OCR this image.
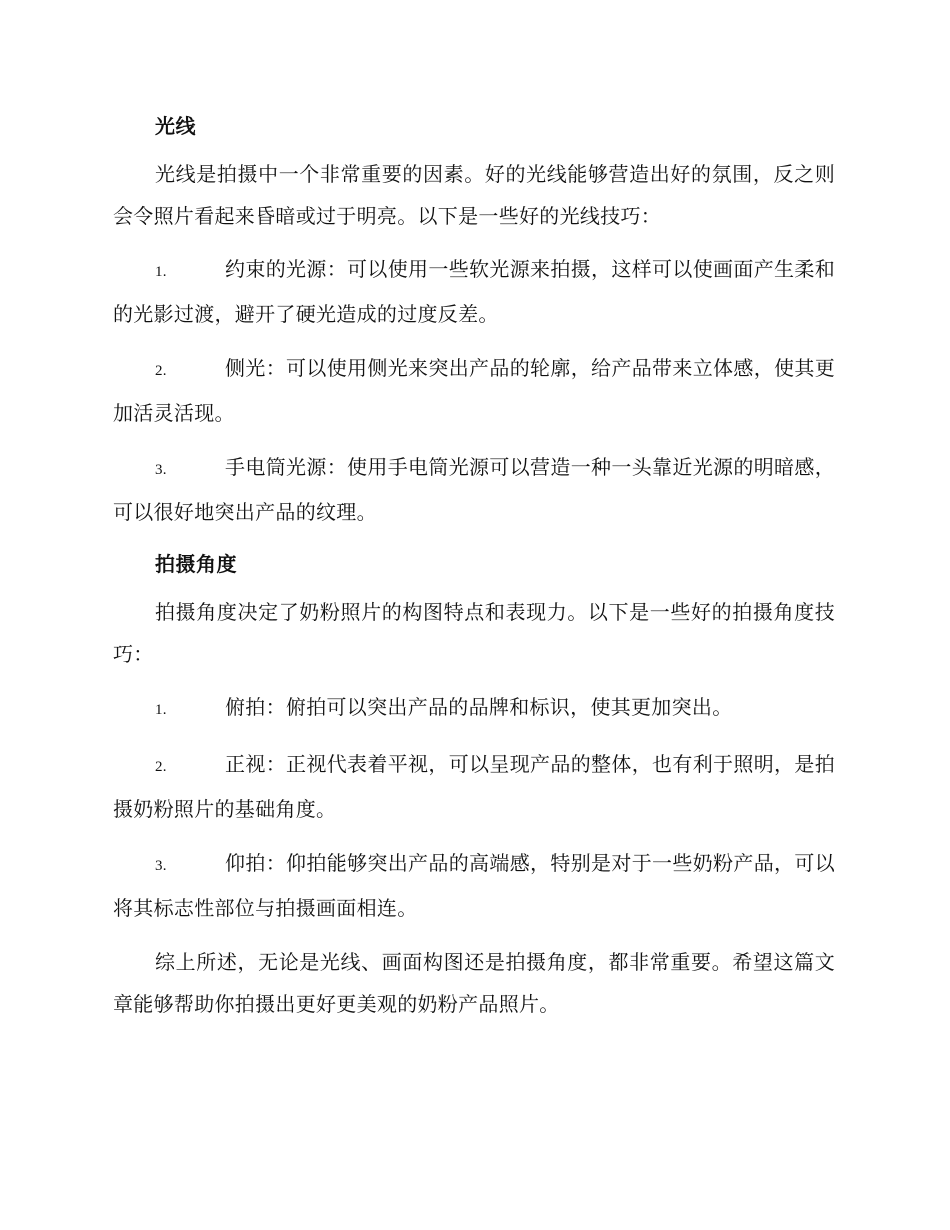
光线

光线是拍摄中一个非常重要的因素。好的光线能够营造出好的氛围，反之则会令照片看起来昏暗或过于明亮。以下是一些好的光线技巧：

1.	约束的光源：可以使用一些软光源来拍摄，这样可以使画面产生柔和的光影过渡，避开了硬光造成的过度反差。

2.	侧光：可以使用侧光来突出产品的轮廓，给产品带来立体感，使其更加活灵活现。

3.	手电筒光源：使用手电筒光源可以营造一种一头靠近光源的明暗感，可以很好地突出产品的纹理。

拍摄角度

拍摄角度决定了奶粉照片的构图特点和表现力。以下是一些好的拍摄角度技巧：

1.	俯拍：俯拍可以突出产品的品牌和标识，使其更加突出。

2.	正视：正视代表着平视，可以呈现产品的整体，也有利于照明，是拍摄奶粉照片的基础角度。

3.	仰拍：仰拍能够突出产品的高端感，特别是对于一些奶粉产品，可以将其标志性部位与拍摄画面相连。

综上所述，无论是光线、画面构图还是拍摄角度，都非常重要。希望这篇文章能够帮助你拍摄出更好更美观的奶粉产品照片。
